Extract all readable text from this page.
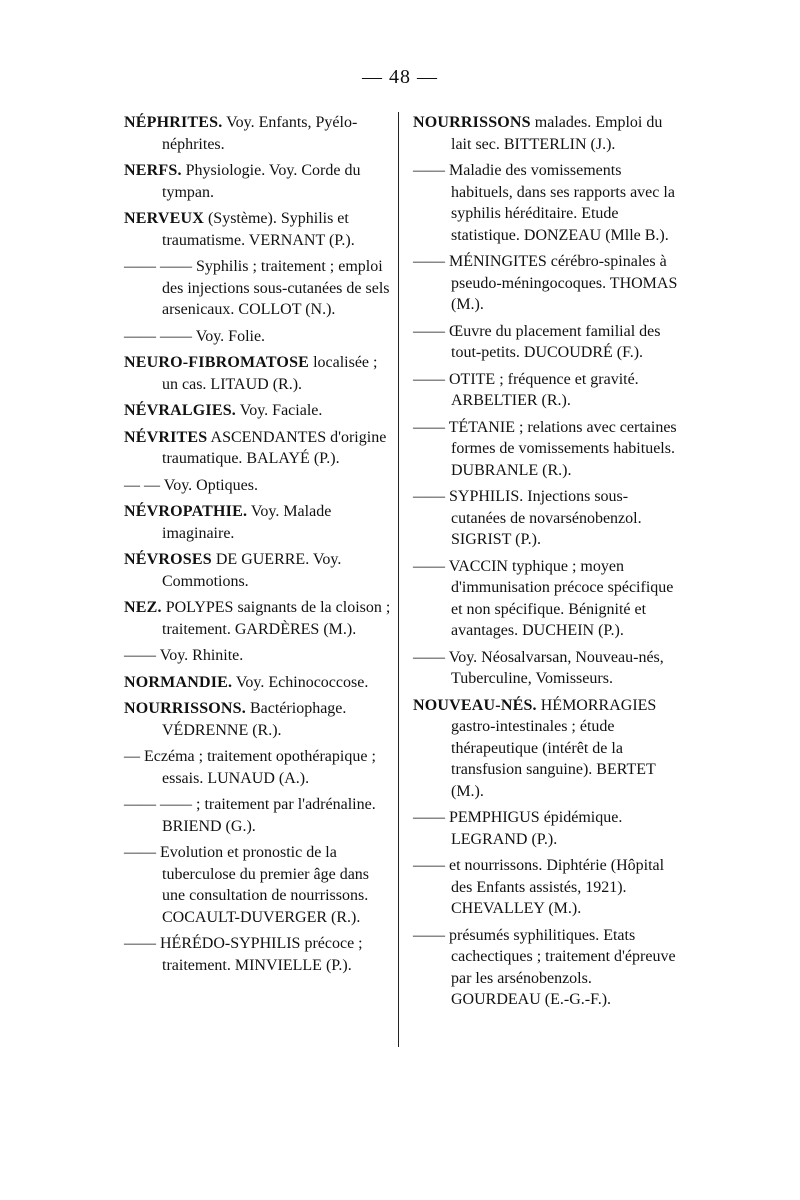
— 48 —

NÉPHRITES. Voy. Enfants, Pyélo-néphrites.

NERFS. Physiologie. Voy. Corde du tympan.

NERVEUX (Système). Syphilis et traumatisme. VERNANT (P.).

—— —— Syphilis ; traitement ; emploi des injections sous-cutanées de sels arsenicaux. COLLOT (N.).

—— —— Voy. Folie.

NEURO-FIBROMATOSE localisée ; un cas. LITAUD (R.).

NÉVRALGIES. Voy. Faciale.

NÉVRITES ASCENDANTES d'origine traumatique. BALAYÉ (P.).

— — Voy. Optiques.

NÉVROPATHIE. Voy. Malade imaginaire.

NÉVROSES DE GUERRE. Voy. Commotions.

NEZ. POLYPES saignants de la cloison ; traitement. GARDÈRES (M.).

—— Voy. Rhinite.

NORMANDIE. Voy. Echinococcose.

NOURRISSONS. Bactériophage. VÉDRENNE (R.).

— Eczéma ; traitement opothérapique ; essais. LUNAUD (A.).

—— —— ; traitement par l'adrénaline. BRIEND (G.).

—— Evolution et pronostic de la tuberculose du premier âge dans une consultation de nourrissons. COCAULT-DUVERGER (R.).

—— HÉRÉDO-SYPHILIS précoce ; traitement. MINVIELLE (P.).

NOURRISSONS malades. Emploi du lait sec. BITTERLIN (J.).

—— Maladie des vomissements habituels, dans ses rapports avec la syphilis héréditaire. Etude statistique. DONZEAU (Mlle B.).

—— MÉNINGITES cérébro-spinales à pseudo-méningocoques. THOMAS (M.).

—— Œuvre du placement familial des tout-petits. DUCOUDRÉ (F.).

—— OTITE ; fréquence et gravité. ARBELTIER (R.).

—— TÉTANIE ; relations avec certaines formes de vomissements habituels. DUBRANLE (R.).

—— SYPHILIS. Injections sous-cutanées de novarsénobenzol. SIGRIST (P.).

—— VACCIN typhique ; moyen d'immunisation précoce spécifique et non spécifique. Bénignité et avantages. DUCHEIN (P.).

—— Voy. Néosalvarsan, Nouveau-nés, Tuberculine, Vomisseurs.

NOUVEAU-NÉS. HÉMORRAGIES gastro-intestinales ; étude thérapeutique (intérêt de la transfusion sanguine). BERTET (M.).

—— PEMPHIGUS épidémique. LEGRAND (P.).

—— et nourrissons. Diphtérie (Hôpital des Enfants assistés, 1921). CHEVALLEY (M.).

—— présumés syphilitiques. Etats cachectiques ; traitement d'épreuve par les arsénobenzols. GOURDEAU (E.-G.-F.).
